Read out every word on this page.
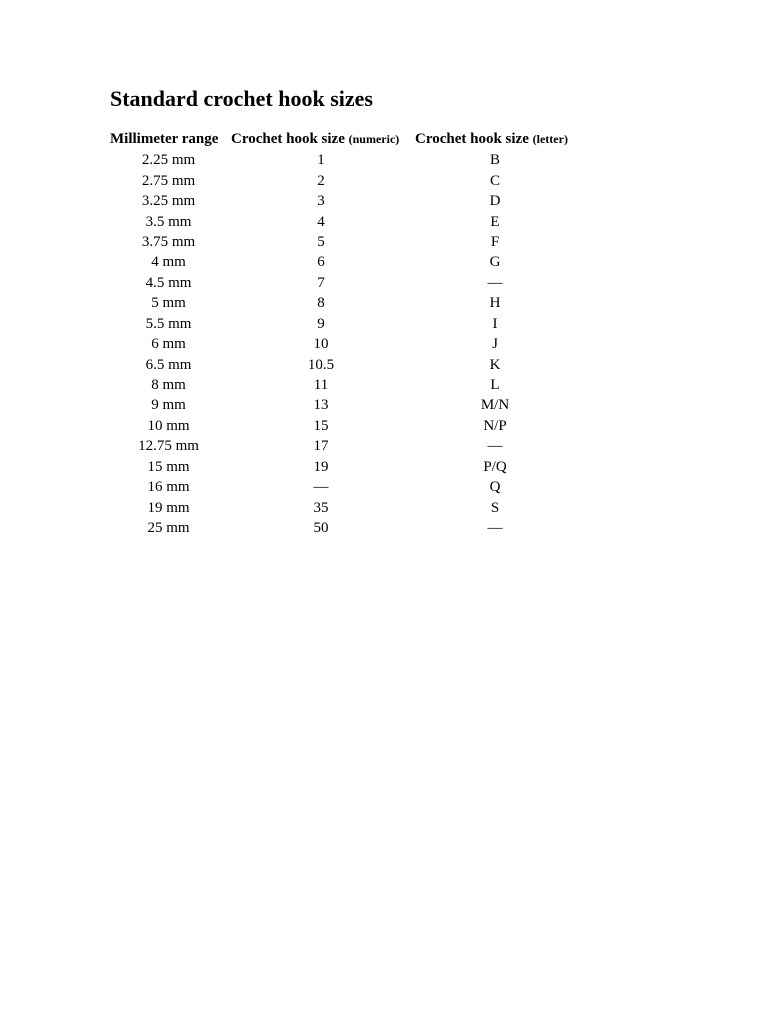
Standard crochet hook sizes
Millimeter range	Crochet hook size (numeric)	Crochet hook size (letter)
2.25 mm	1	B
2.75 mm	2	C
3.25 mm	3	D
3.5 mm	4	E
3.75 mm	5	F
4 mm	6	G
4.5 mm	7	—
5 mm	8	H
5.5 mm	9	I
6 mm	10	J
6.5 mm	10.5	K
8 mm	11	L
9 mm	13	M/N
10 mm	15	N/P
12.75 mm	17	—
15 mm	19	P/Q
16 mm	—	Q
19 mm	35	S
25 mm	50	—
